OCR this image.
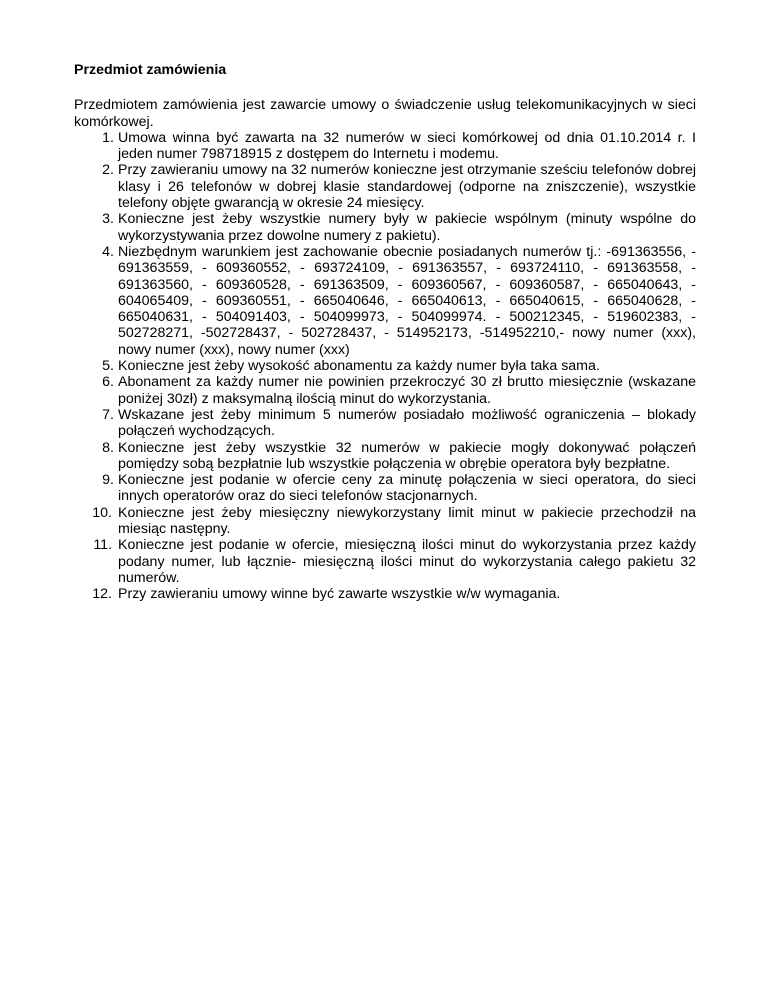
Przedmiot zamówienia

Przedmiotem zamówienia jest zawarcie umowy o świadczenie usług telekomunikacyjnych w sieci komórkowej.

1. Umowa winna być zawarta na 32 numerów w sieci komórkowej od dnia 01.10.2014 r. I jeden numer 798718915 z dostępem do Internetu i modemu.
2. Przy zawieraniu umowy na 32 numerów konieczne jest otrzymanie sześciu telefonów dobrej klasy i 26 telefonów w dobrej klasie standardowej (odporne na zniszczenie), wszystkie telefony objęte gwarancją w okresie 24 miesięcy.
3. Konieczne jest żeby wszystkie numery były w pakiecie wspólnym (minuty wspólne do wykorzystywania przez dowolne numery z pakietu).
4. Niezbędnym warunkiem jest zachowanie obecnie posiadanych numerów tj.: -691363556, - 691363559, - 609360552, - 693724109, - 691363557, - 693724110, - 691363558, - 691363560, - 609360528, - 691363509, - 609360567, - 609360587, - 665040643, - 604065409, - 609360551, - 665040646, - 665040613, - 665040615, - 665040628, - 665040631, - 504091403, - 504099973, - 504099974. - 500212345, - 519602383, - 502728271, -502728437, - 502728437, - 514952173, -514952210,- nowy numer (xxx), nowy numer (xxx), nowy numer (xxx)
5. Konieczne jest żeby wysokość abonamentu za każdy numer była taka sama.
6. Abonament za każdy numer nie powinien przekroczyć 30 zł brutto miesięcznie (wskazane poniżej 30zł) z maksymalną ilością minut do wykorzystania.
7. Wskazane jest żeby minimum 5 numerów posiadało możliwość ograniczenia – blokady połączeń wychodzących.
8. Konieczne jest żeby wszystkie 32 numerów w pakiecie mogły dokonywać połączeń pomiędzy sobą bezpłatnie lub wszystkie połączenia w obrębie operatora były bezpłatne.
9. Konieczne jest podanie w ofercie ceny za minutę połączenia w sieci operatora, do sieci innych operatorów oraz do sieci telefonów stacjonarnych.
10. Konieczne jest żeby miesięczny niewykorzystany limit minut w pakiecie przechodził na miesiąc następny.
11. Konieczne jest podanie w ofercie, miesięczną ilości minut do wykorzystania przez każdy podany numer, lub łącznie- miesięczną ilości minut do wykorzystania całego pakietu 32 numerów.
12. Przy zawieraniu umowy winne być zawarte wszystkie w/w wymagania.
